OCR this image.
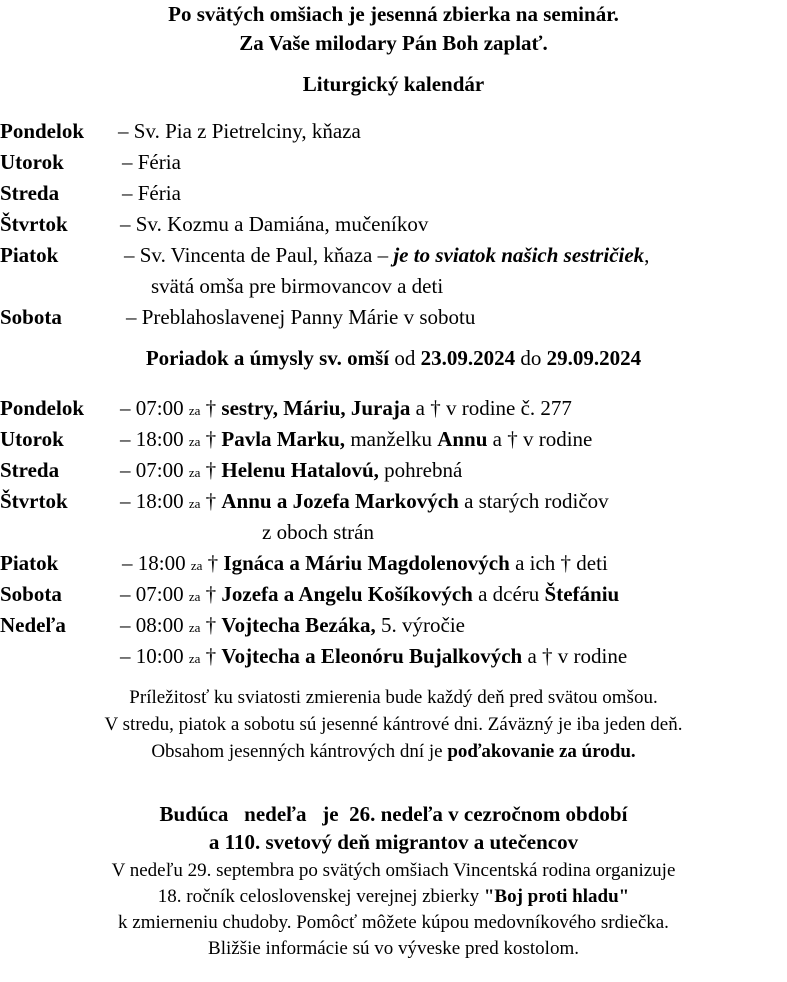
Po svätých omšiach je jesenná zbierka na seminár.
Za Vaše milodary Pán Boh zaplať.
Liturgický kalendár
Pondelok – Sv. Pia z Pietrelciny, kňaza
Utorok	– Féria
Streda	– Féria
Štvrtok – Sv. Kozmu a Damiána, mučeníkov
Piatok	– Sv. Vincenta de Paul, kňaza – je to sviatok našich sestričiek,
svätá omša pre birmovancov a deti
Sobota	– Preblahoslavenej Panny Márie v sobotu
Poriadok a úmysly sv. omší od 23.09.2024 do 29.09.2024
Pondelok – 07:00 za † sestry, Máriu, Juraja a † v rodine č. 277
Utorok	– 18:00 za † Pavla Marku, manželku Annu a † v rodine
Streda	– 07:00 za † Helenu Hatalovú, pohrebná
Štvrtok – 18:00 za † Annu a Jozefa Markových a starých rodičov
z oboch strán
Piatok	– 18:00 za † Ignáca a Máriu Magdolenových a ich † deti
Sobota	– 07:00 za † Jozefa a Angelu Košíkových a dcéru Štefániu
Nedeľa	– 08:00 za † Vojtecha Bezáka, 5. výročie
– 10:00 za † Vojtecha a Eleonóru Bujalkových a † v rodine
Príležitosť ku sviatosti zmierenia bude každý deň pred svätou omšou.
V stredu, piatok a sobotu sú jesenné kántrové dni. Záväzný je iba jeden deň.
Obsahom jesenných kántrových dní je poďakovanie za úrodu.
Budúca   nedeľa   je  26. nedeľa v cezročnom období
a 110. svetový deň migrantov a utečencov
V nedeľu 29. septembra po svätých omšiach Vincentská rodina organizuje
18. ročník celoslovenskej verejnej zbierky "Boj proti hladu"
k zmierneniu chudoby. Pomôcť môžete kúpou medovníkového srdiečka.
Bližšie informácie sú vo vývеske pred kostolom.
